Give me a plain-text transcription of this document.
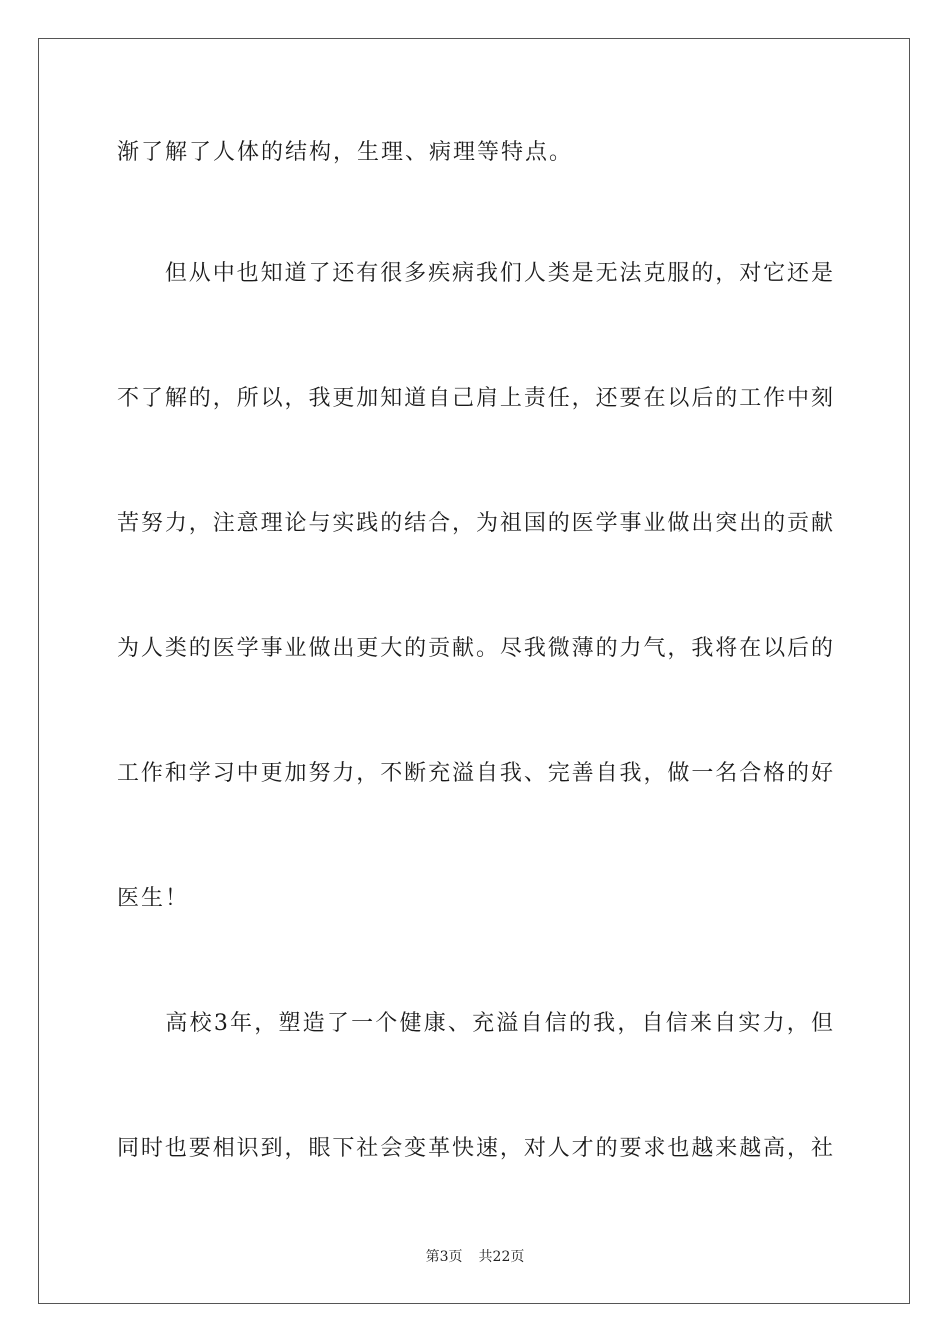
渐了解了人体的结构，生理、病理等特点。
　　但从中也知道了还有很多疾病我们人类是无法克服的，对它还是
不了解的，所以，我更加知道自己肩上责任，还要在以后的工作中刻
苦努力，注意理论与实践的结合，为祖国的医学事业做出突出的贡献
为人类的医学事业做出更大的贡献。尽我微薄的力气，我将在以后的
工作和学习中更加努力，不断充溢自我、完善自我，做一名合格的好
医生！
　　高校3年，塑造了一个健康、充溢自信的我，自信来自实力，但
同时也要相识到，眼下社会变革快速，对人才的要求也越来越高，社
第3页 共22页
